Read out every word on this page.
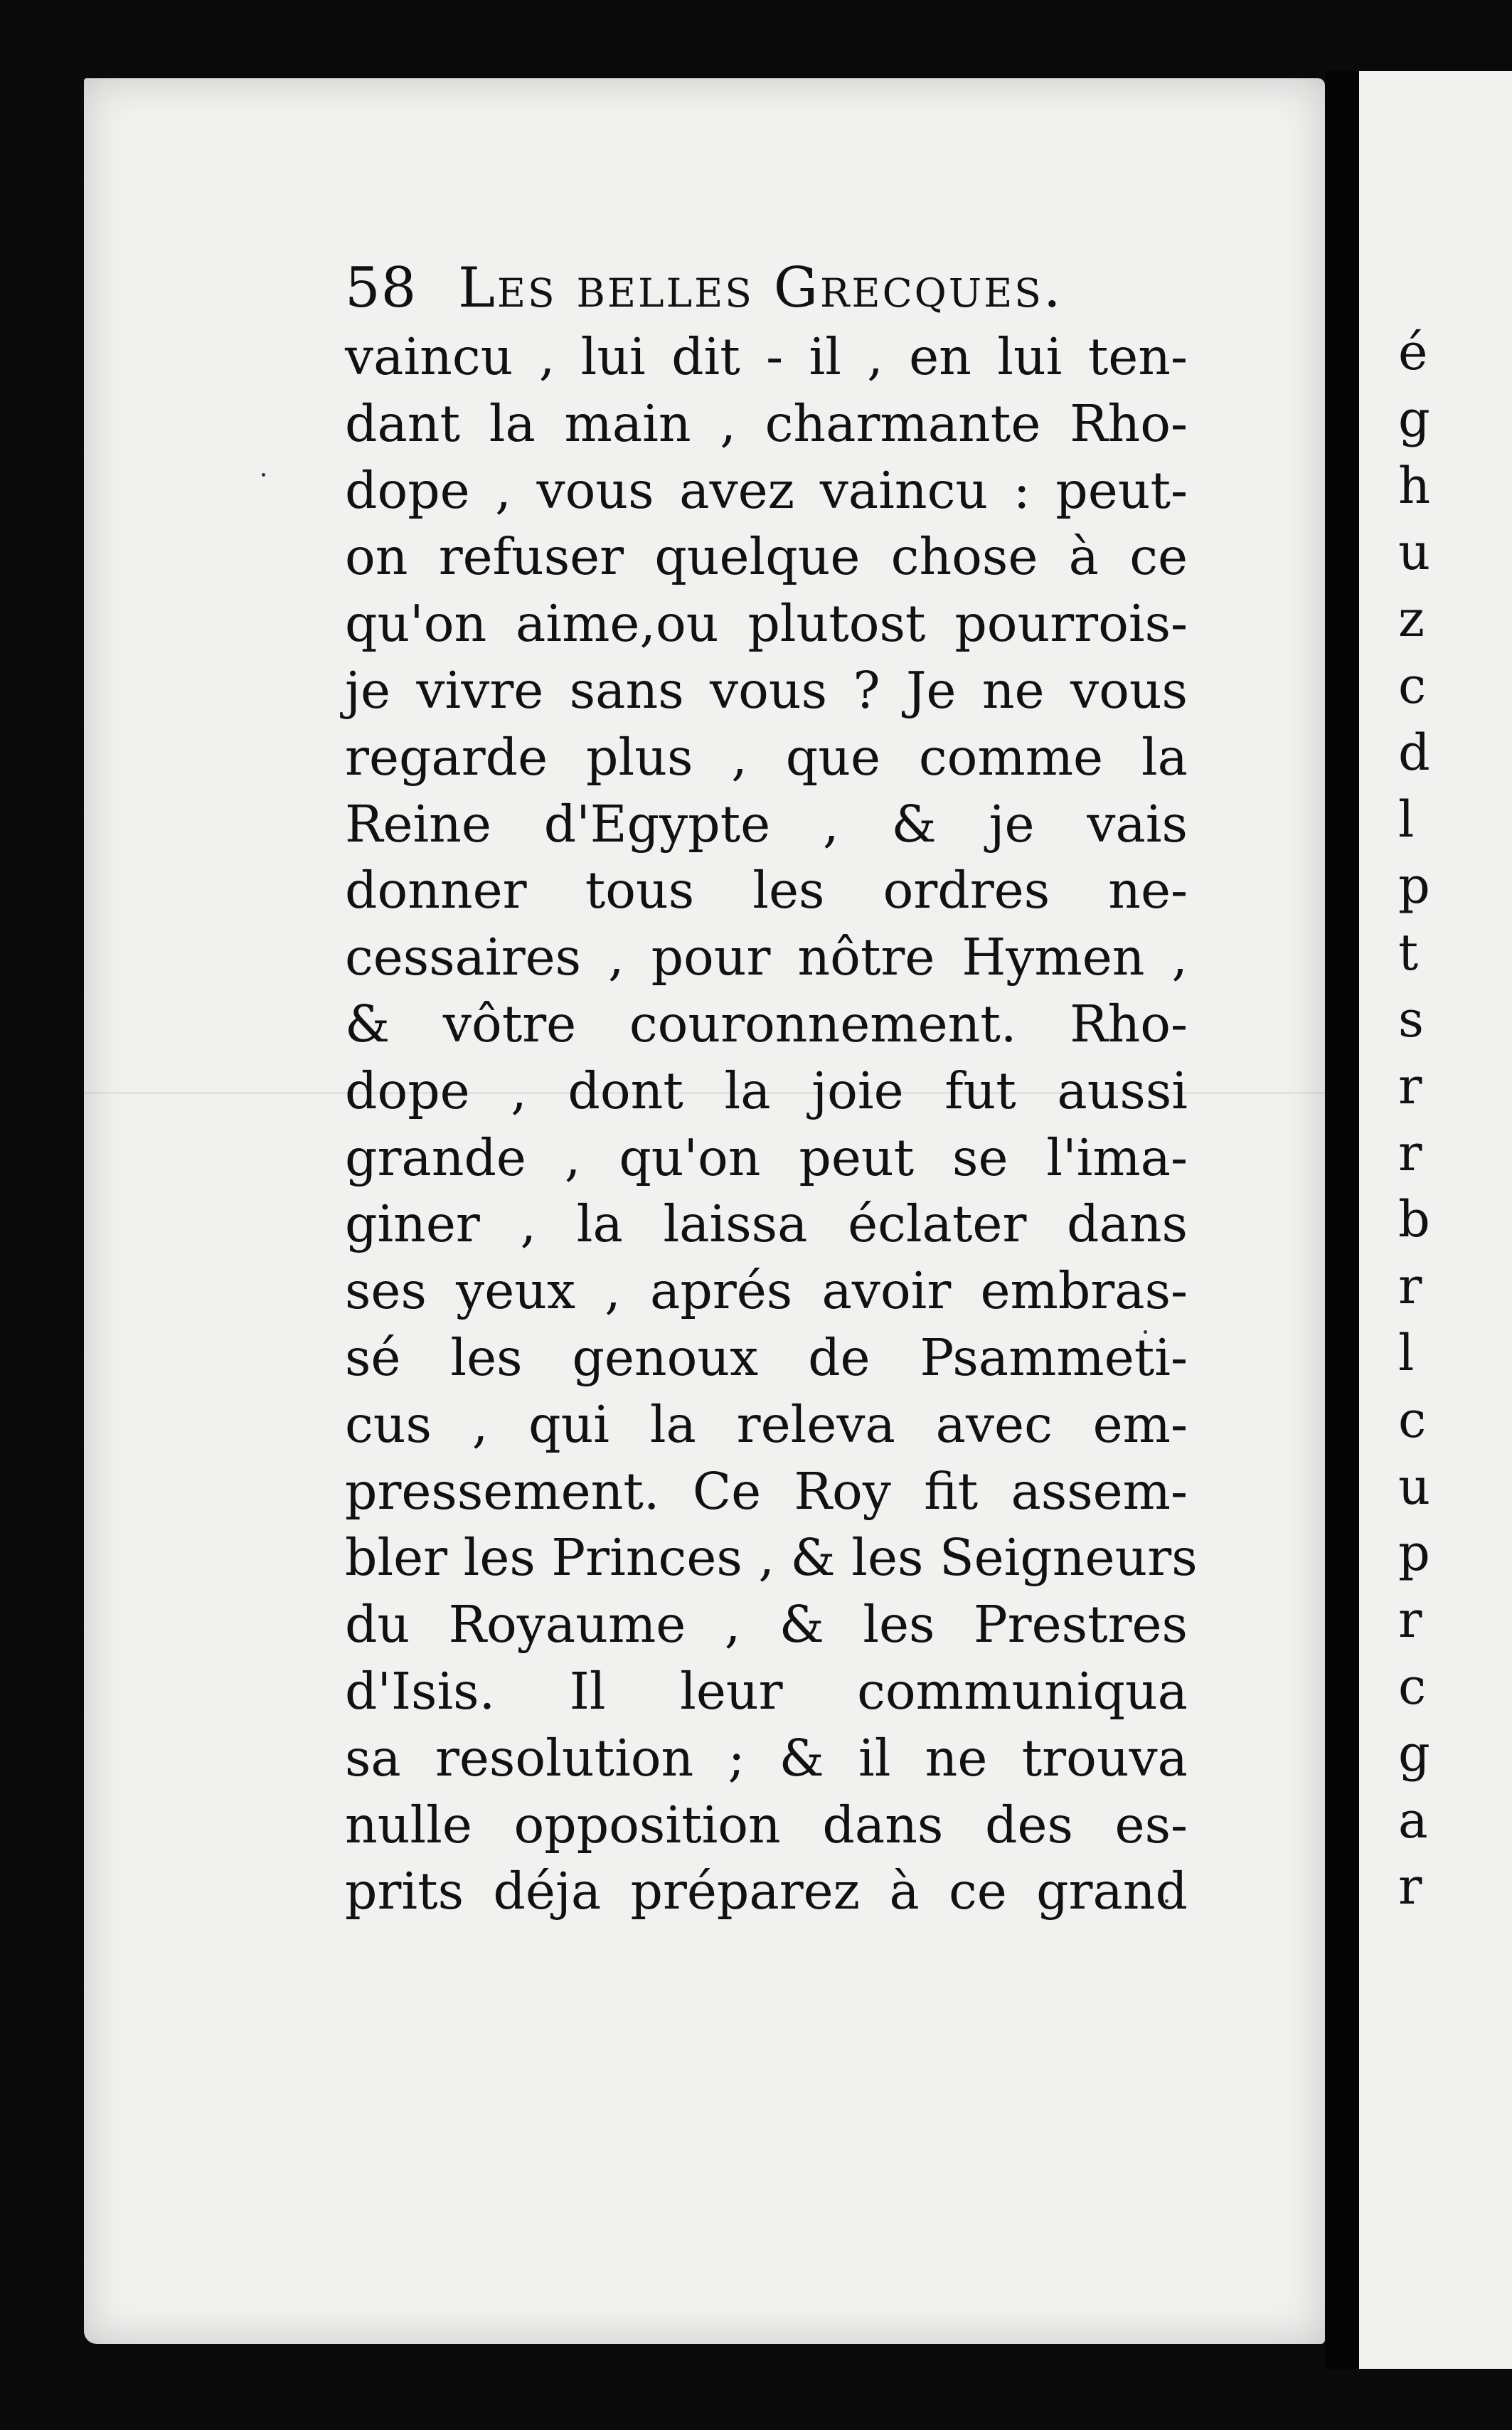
58 Les belles Grecques.
vaincu , lui dit - il , en lui ten-
dant la main , charmante Rho-
dope , vous avez vaincu : peut-
on refuser quelque chose à ce
qu'on aime,ou plutost pourrois-
je vivre sans vous ? Je ne vous
regarde plus , que comme la
Reine d'Egypte , & je vais
donner tous les ordres ne-
cessaires , pour nôtre Hymen ,
& vôtre couronnement. Rho-
dope , dont la joie fut aussi
grande , qu'on peut se l'ima-
giner , la laissa éclater dans
ses yeux , aprés avoir embras-
sé les genoux de Psammeti-
cus , qui la releva avec em-
pressement. Ce Roy fit assem-
bler les Princes , & les Seigneurs
du Royaume , & les Prestres
d'Isis. Il leur communiqua
sa resolution ; & il ne trouva
nulle opposition dans des es-
prits déja préparez à ce grand
é
g
h
u
z
c
d
l
p
t
s
r
r
b
r
l
c
u
p
r
c
g
a
r
